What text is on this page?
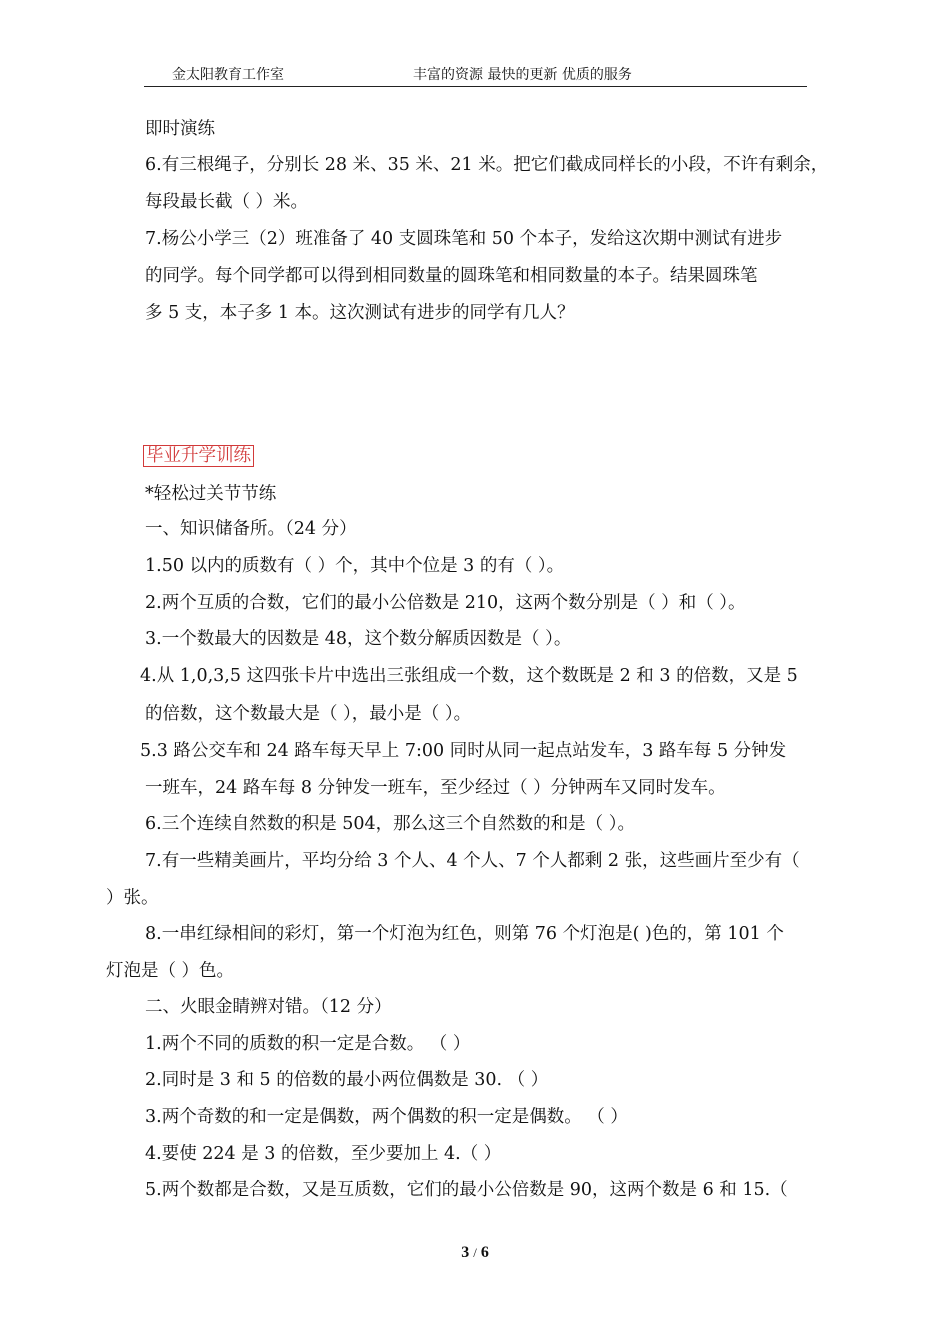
金太阳教育工作室	丰富的资源 最快的更新 优质的服务
即时演练
6.有三根绳子，分别长 28 米、35 米、21 米。把它们截成同样长的小段，不许有剩余，
每段最长截（ ）米。
7.杨公小学三（2）班准备了 40 支圆珠笔和 50 个本子，发给这次期中测试有进步
的同学。每个同学都可以得到相同数量的圆珠笔和相同数量的本子。结果圆珠笔
多 5 支，本子多 1 本。这次测试有进步的同学有几人？
毕业升学训练
*轻松过关节节练
一、知识储备所。（24 分）
1.50 以内的质数有（ ）个，其中个位是 3 的有（ ）。
2.两个互质的合数，它们的最小公倍数是 210，这两个数分别是（ ）和（ ）。
3.一个数最大的因数是 48，这个数分解质因数是（ ）。
4.从 1,0,3,5 这四张卡片中选出三张组成一个数，这个数既是 2 和 3 的倍数，又是 5
的倍数，这个数最大是（ ），最小是（ ）。
5.3 路公交车和 24 路车每天早上 7:00 同时从同一起点站发车，3 路车每 5 分钟发
一班车，24 路车每 8 分钟发一班车，至少经过（ ）分钟两车又同时发车。
6.三个连续自然数的积是 504，那么这三个自然数的和是（ ）。
7.有一些精美画片，平均分给 3 个人、4 个人、7 个人都剩 2 张，这些画片至少有（
）张。
8.一串红绿相间的彩灯，第一个灯泡为红色，则第 76 个灯泡是( )色的，第 101 个
灯泡是（ ）色。
二、火眼金睛辨对错。（12 分）
1.两个不同的质数的积一定是合数。 （ ）
2.同时是 3 和 5 的倍数的最小两位偶数是 30. （ ）
3.两个奇数的和一定是偶数，两个偶数的积一定是偶数。 （ ）
4.要使 224 是 3 的倍数，至少要加上 4.（ ）
5.两个数都是合数，又是互质数，它们的最小公倍数是 90，这两个数是 6 和 15.（
3 / 6
